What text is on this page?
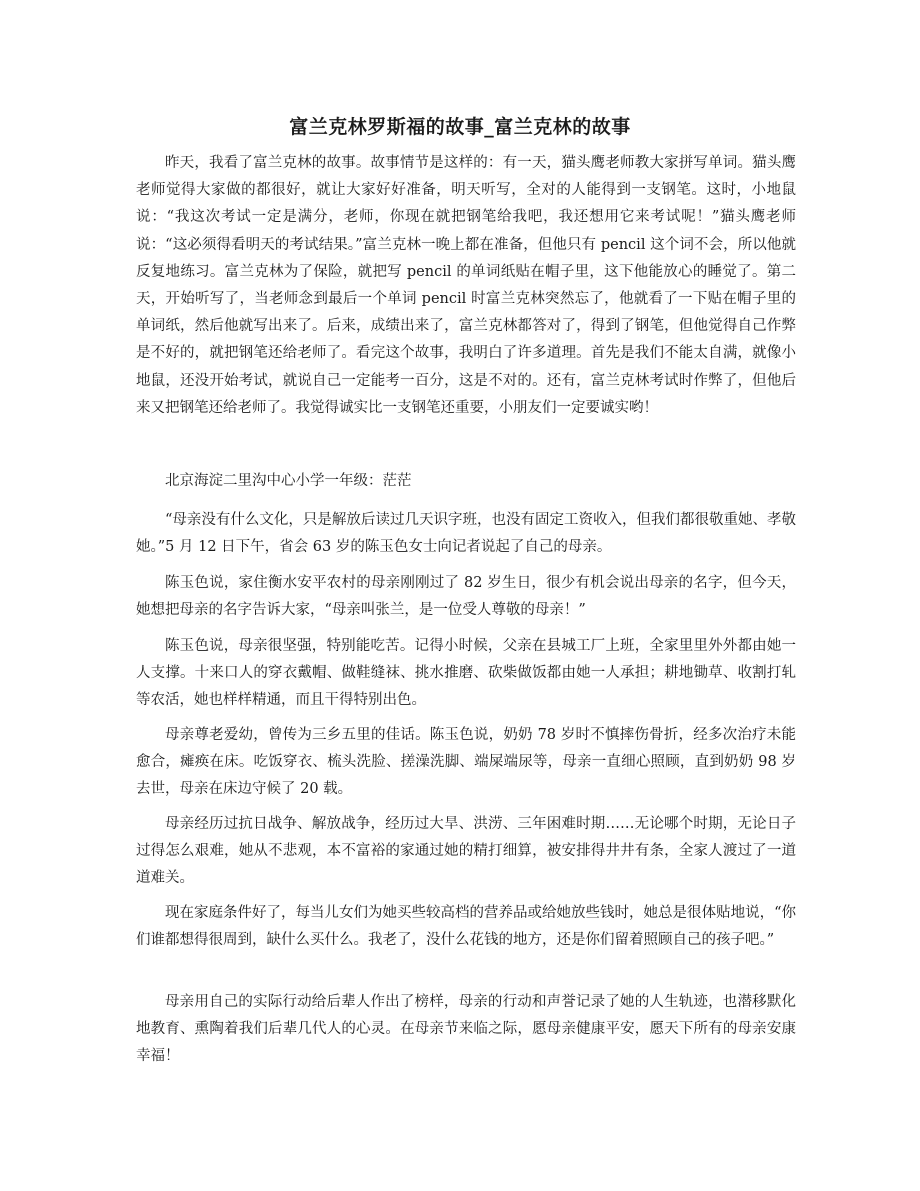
富兰克林罗斯福的故事_富兰克林的故事
昨天，我看了富兰克林的故事。故事情节是这样的：有一天，猫头鹰老师教大家拼写单词。猫头鹰老师觉得大家做的都很好，就让大家好好准备，明天听写，全对的人能得到一支钢笔。这时，小地鼠说：“我这次考试一定是满分，老师，你现在就把钢笔给我吧，我还想用它来考试呢！”猫头鹰老师说：“这必须得看明天的考试结果。”富兰克林一晚上都在准备，但他只有 pencil 这个词不会，所以他就反复地练习。富兰克林为了保险，就把写 pencil 的单词纸贴在帽子里，这下他能放心的睡觉了。第二天，开始听写了，当老师念到最后一个单词 pencil 时富兰克林突然忘了，他就看了一下贴在帽子里的单词纸，然后他就写出来了。后来，成绩出来了，富兰克林都答对了，得到了钢笔，但他觉得自己作弊是不好的，就把钢笔还给老师了。看完这个故事，我明白了许多道理。首先是我们不能太自满，就像小地鼠，还没开始考试，就说自己一定能考一百分，这是不对的。还有，富兰克林考试时作弊了，但他后来又把钢笔还给老师了。我觉得诚实比一支钢笔还重要，小朋友们一定要诚实哟！
北京海淀二里沟中心小学一年级：茫茫
“母亲没有什么文化，只是解放后读过几天识字班，也没有固定工资收入，但我们都很敬重她、孝敬她。”5 月 12 日下午，省会 63 岁的陈玉色女士向记者说起了自己的母亲。
陈玉色说，家住衡水安平农村的母亲刚刚过了 82 岁生日，很少有机会说出母亲的名字，但今天，她想把母亲的名字告诉大家，“母亲叫张兰，是一位受人尊敬的母亲！”
陈玉色说，母亲很坚强，特别能吃苦。记得小时候，父亲在县城工厂上班，全家里里外外都由她一人支撑。十来口人的穿衣戴帽、做鞋缝袜、挑水推磨、砍柴做饭都由她一人承担；耕地锄草、收割打轧等农活，她也样样精通，而且干得特别出色。
母亲尊老爱幼，曾传为三乡五里的佳话。陈玉色说，奶奶 78 岁时不慎摔伤骨折，经多次治疗未能愈合，瘫痪在床。吃饭穿衣、梳头洗脸、搓澡洗脚、端屎端尿等，母亲一直细心照顾，直到奶奶 98 岁去世，母亲在床边守候了 20 载。
母亲经历过抗日战争、解放战争，经历过大旱、洪涝、三年困难时期……无论哪个时期，无论日子过得怎么艰难，她从不悲观，本不富裕的家通过她的精打细算，被安排得井井有条，全家人渡过了一道道难关。
现在家庭条件好了，每当儿女们为她买些较高档的营养品或给她放些钱时，她总是很体贴地说，“你们谁都想得很周到，缺什么买什么。我老了，没什么花钱的地方，还是你们留着照顾自己的孩子吧。”
母亲用自己的实际行动给后辈人作出了榜样，母亲的行动和声誉记录了她的人生轨迹，也潜移默化地教育、熏陶着我们后辈几代人的心灵。在母亲节来临之际，愿母亲健康平安，愿天下所有的母亲安康幸福！
